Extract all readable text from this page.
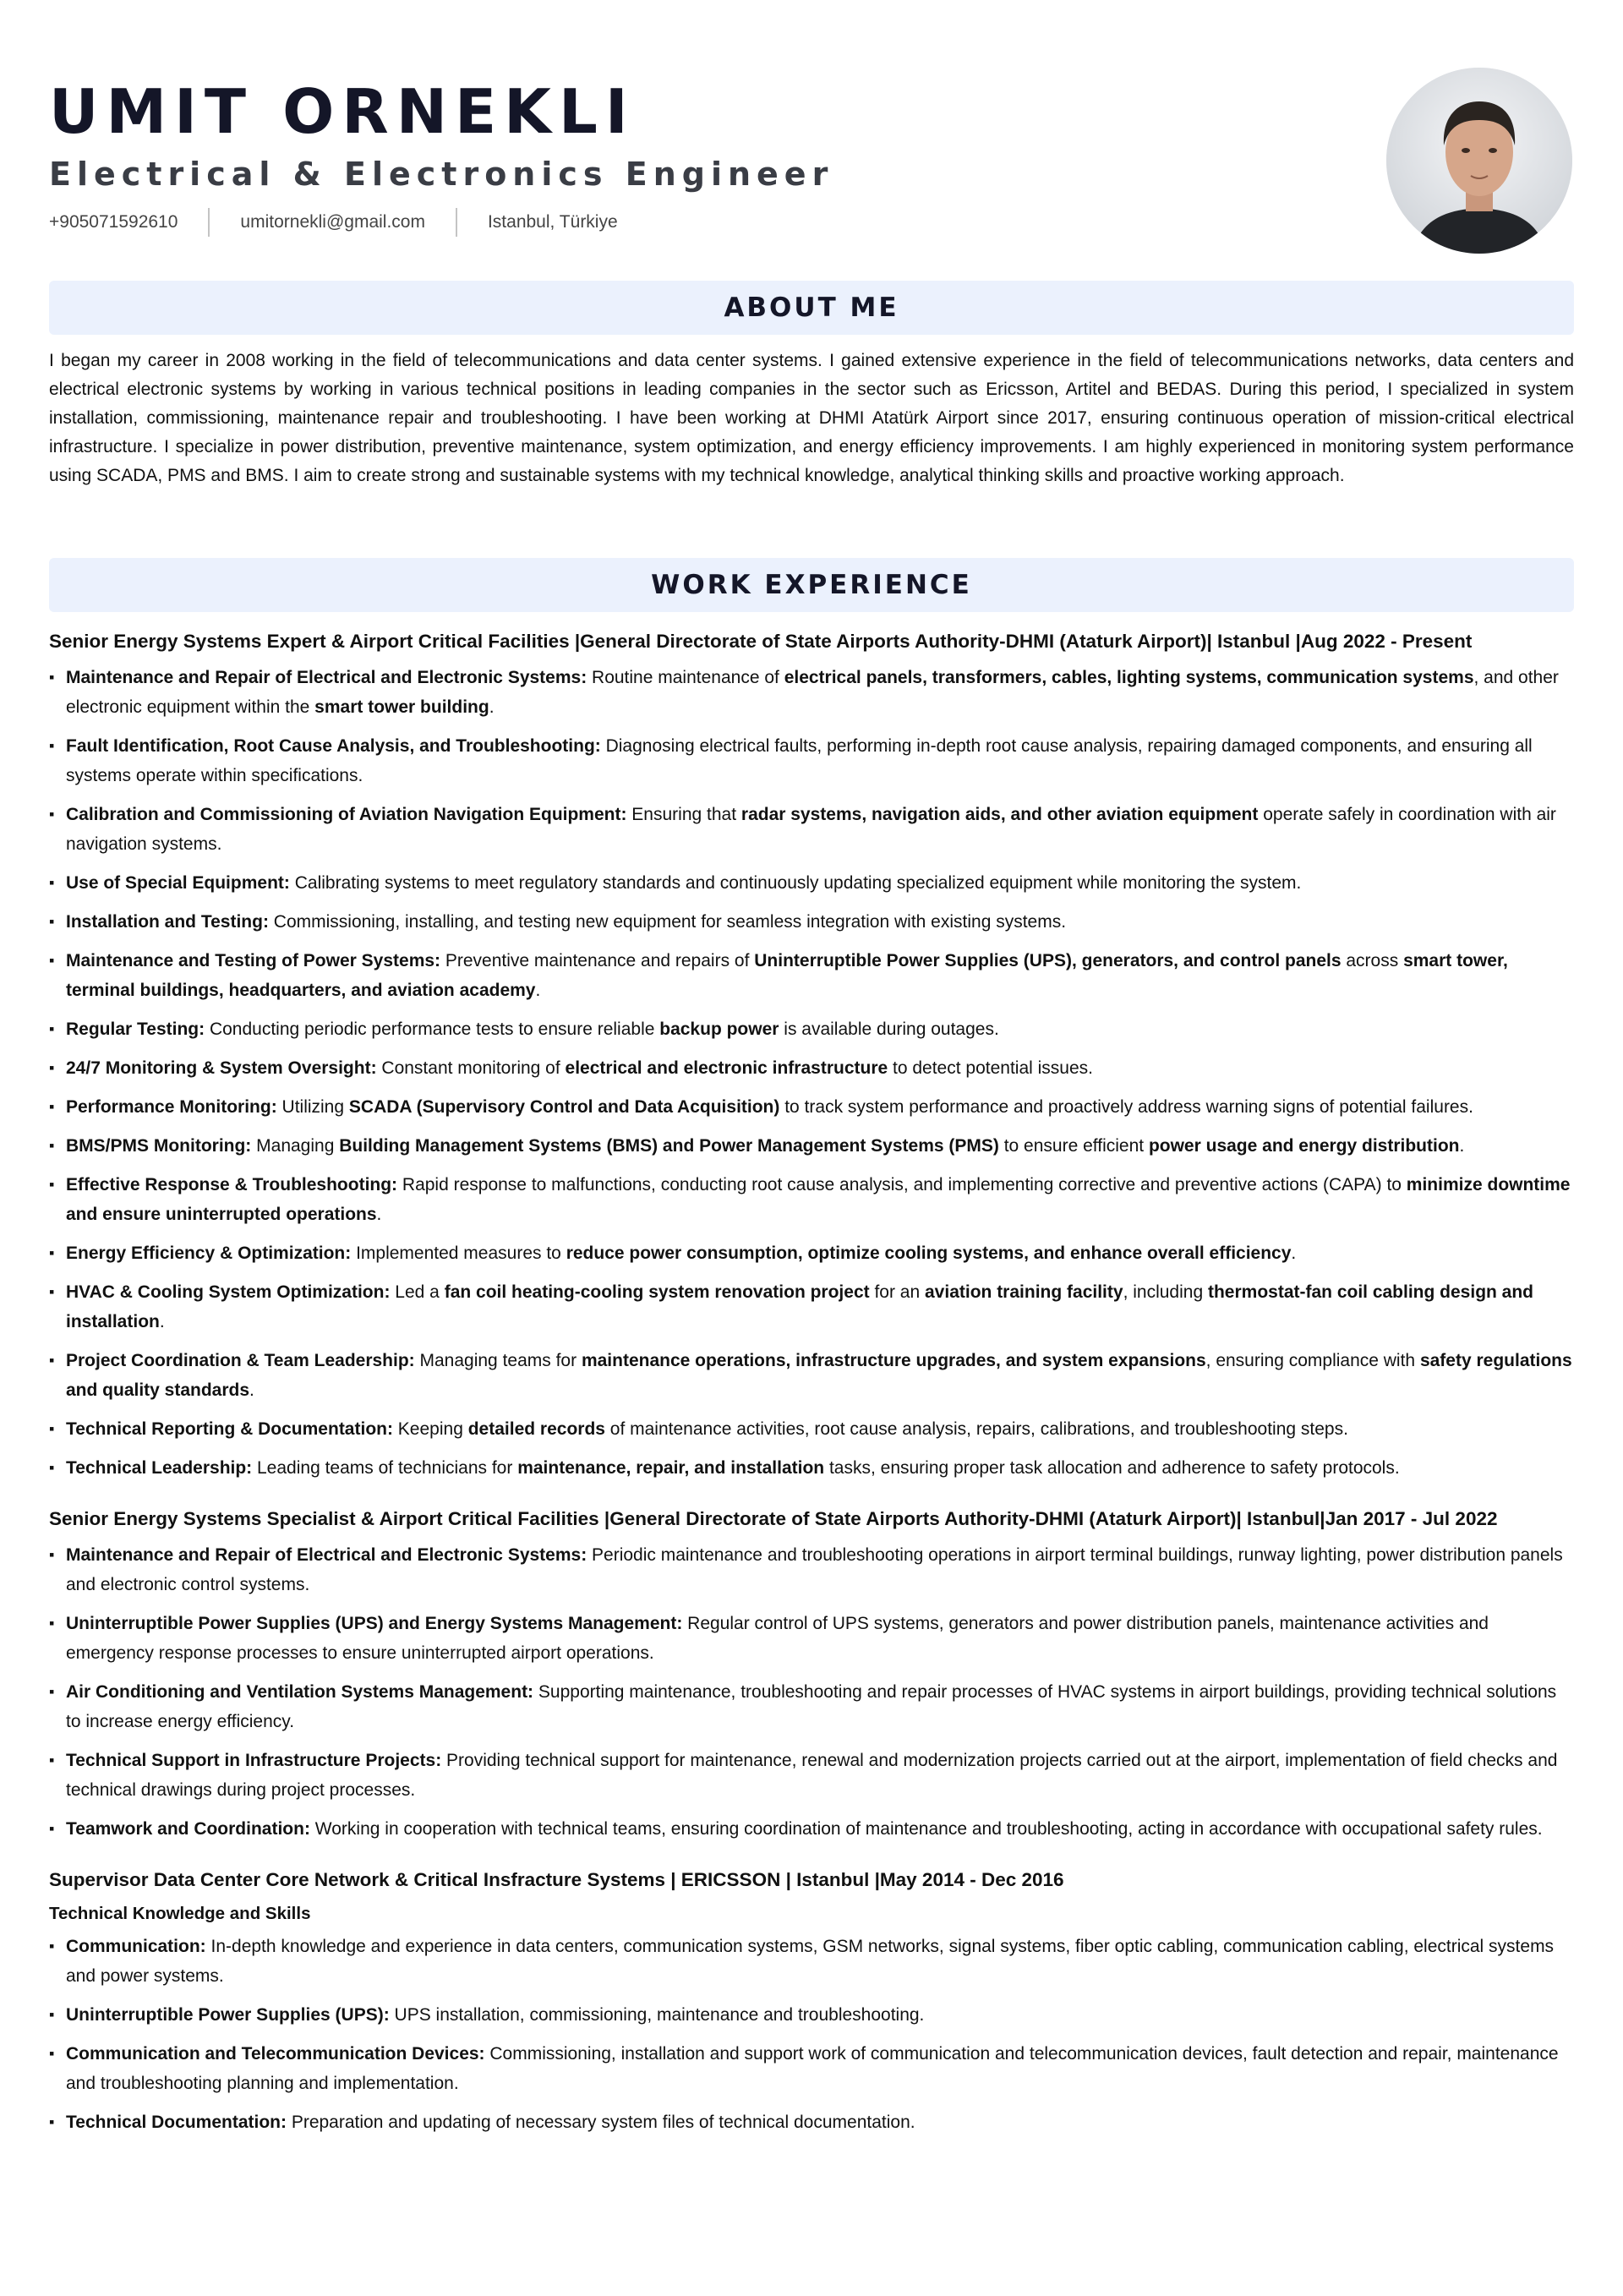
UMIT ORNEKLI
Electrical & Electronics Engineer
+905071592610	umitornekli@gmail.com	Istanbul, Türkiye
ABOUT ME
I began my career in 2008 working in the field of telecommunications and data center systems. I gained extensive experience in the field of telecommunications networks, data centers and electrical electronic systems by working in various technical positions in leading companies in the sector such as Ericsson, Artitel and BEDAS. During this period, I specialized in system installation, commissioning, maintenance repair and troubleshooting. I have been working at DHMI Atatürk Airport since 2017, ensuring continuous operation of mission-critical electrical infrastructure. I specialize in power distribution, preventive maintenance, system optimization, and energy efficiency improvements. I am highly experienced in monitoring system performance using SCADA, PMS and BMS. I aim to create strong and sustainable systems with my technical knowledge, analytical thinking skills and proactive working approach.
WORK EXPERIENCE
Senior Energy Systems Expert & Airport Critical Facilities |General Directorate of State Airports Authority-DHMI (Ataturk Airport)| Istanbul |Aug 2022 - Present
▪ Maintenance and Repair of Electrical and Electronic Systems: Routine maintenance of electrical panels, transformers, cables, lighting systems, communication systems, and other electronic equipment within the smart tower building.
▪ Fault Identification, Root Cause Analysis, and Troubleshooting: Diagnosing electrical faults, performing in-depth root cause analysis, repairing damaged components, and ensuring all systems operate within specifications.
▪ Calibration and Commissioning of Aviation Navigation Equipment: Ensuring that radar systems, navigation aids, and other aviation equipment operate safely in coordination with air navigation systems.
▪ Use of Special Equipment: Calibrating systems to meet regulatory standards and continuously updating specialized equipment while monitoring the system.
▪ Installation and Testing: Commissioning, installing, and testing new equipment for seamless integration with existing systems.
▪ Maintenance and Testing of Power Systems: Preventive maintenance and repairs of Uninterruptible Power Supplies (UPS), generators, and control panels across smart tower, terminal buildings, headquarters, and aviation academy.
▪ Regular Testing: Conducting periodic performance tests to ensure reliable backup power is available during outages.
▪ 24/7 Monitoring & System Oversight: Constant monitoring of electrical and electronic infrastructure to detect potential issues.
▪ Performance Monitoring: Utilizing SCADA (Supervisory Control and Data Acquisition) to track system performance and proactively address warning signs of potential failures.
▪ BMS/PMS Monitoring: Managing Building Management Systems (BMS) and Power Management Systems (PMS) to ensure efficient power usage and energy distribution.
▪ Effective Response & Troubleshooting: Rapid response to malfunctions, conducting root cause analysis, and implementing corrective and preventive actions (CAPA) to minimize downtime and ensure uninterrupted operations.
▪ Energy Efficiency & Optimization: Implemented measures to reduce power consumption, optimize cooling systems, and enhance overall efficiency.
▪ HVAC & Cooling System Optimization: Led a fan coil heating-cooling system renovation project for an aviation training facility, including thermostat-fan coil cabling design and installation.
▪ Project Coordination & Team Leadership: Managing teams for maintenance operations, infrastructure upgrades, and system expansions, ensuring compliance with safety regulations and quality standards.
▪ Technical Reporting & Documentation: Keeping detailed records of maintenance activities, root cause analysis, repairs, calibrations, and troubleshooting steps.
▪ Technical Leadership: Leading teams of technicians for maintenance, repair, and installation tasks, ensuring proper task allocation and adherence to safety protocols.
Senior Energy Systems Specialist & Airport Critical Facilities |General Directorate of State Airports Authority-DHMI (Ataturk Airport)| Istanbul|Jan 2017 - Jul 2022
▪ Maintenance and Repair of Electrical and Electronic Systems: Periodic maintenance and troubleshooting operations in airport terminal buildings, runway lighting, power distribution panels and electronic control systems.
▪ Uninterruptible Power Supplies (UPS) and Energy Systems Management: Regular control of UPS systems, generators and power distribution panels, maintenance activities and emergency response processes to ensure uninterrupted airport operations.
▪ Air Conditioning and Ventilation Systems Management: Supporting maintenance, troubleshooting and repair processes of HVAC systems in airport buildings, providing technical solutions to increase energy efficiency.
▪ Technical Support in Infrastructure Projects: Providing technical support for maintenance, renewal and modernization projects carried out at the airport, implementation of field checks and technical drawings during project processes.
▪ Teamwork and Coordination: Working in cooperation with technical teams, ensuring coordination of maintenance and troubleshooting, acting in accordance with occupational safety rules.
Supervisor Data Center Core Network & Critical Insfracture Systems | ERICSSON | Istanbul |May 2014 - Dec 2016
Technical Knowledge and Skills
▪ Communication: In-depth knowledge and experience in data centers, communication systems, GSM networks, signal systems, fiber optic cabling, communication cabling, electrical systems and power systems.
▪ Uninterruptible Power Supplies (UPS): UPS installation, commissioning, maintenance and troubleshooting.
▪ Communication and Telecommunication Devices: Commissioning, installation and support work of communication and telecommunication devices, fault detection and repair, maintenance and troubleshooting planning and implementation.
▪ Technical Documentation: Preparation and updating of necessary system files of technical documentation.
